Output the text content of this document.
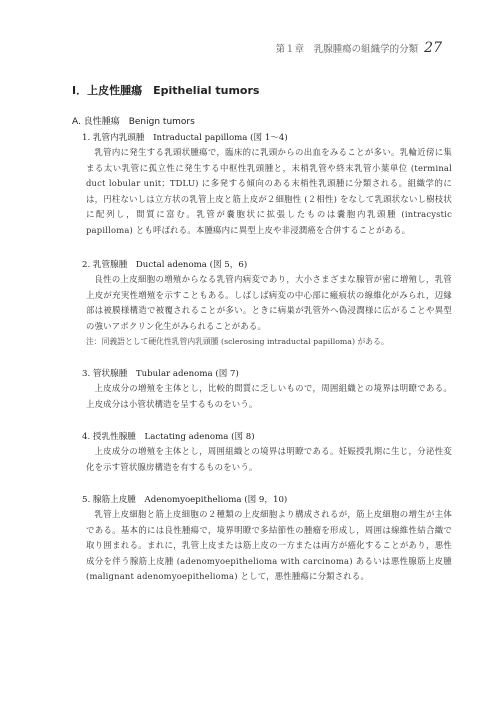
第１章　乳腺腫瘍の組織学的分類 27
Ⅰ．上皮性腫瘍　Epithelial tumors
A. 良性腫瘍　Benign tumors
1. 乳管内乳頭腫　Intraductal papilloma (図 1〜4)

乳管内に発生する乳頭状腫瘍で，臨床的に乳頭からの出血をみることが多い。乳輪近傍に集まる太い乳管に孤立性に発生する中枢性乳頭腫と，末梢乳管や終末乳管小葉単位 (terminal duct lobular unit；TDLU) に多発する傾向のある末梢性乳頭腫に分類される。組織学的には，円柱ないしは立方状の乳管上皮と筋上皮が２細胞性 (２相性) をなして乳頭状ないし樹枝状に配列し，間質に富む。乳管が嚢胞状に拡張したものは嚢胞内乳頭腫 (intracystic papilloma) とも呼ばれる。本腫瘍内に異型上皮や非浸潤癌を合併することがある。

2. 乳管腺腫　Ductal adenoma (図 5，6)

良性の上皮細胞の増殖からなる乳管内病変であり，大小さまざまな腺管が密に増殖し，乳管上皮が充実性増殖を示すこともある。しばしば病変の中心部に瘢痕状の線維化がみられ，辺縁部は被膜様構造で被覆されることが多い。ときに病巣が乳管外へ偽浸潤様に広がることや異型の強いアポクリン化生がみられることがある。

注：同義語として硬化性乳管内乳頭腫 (sclerosing intraductal papilloma) がある。

3. 管状腺腫　Tubular adenoma (図 7)

上皮成分の増殖を主体とし，比較的間質に乏しいもので，周囲組織との境界は明瞭である。上皮成分は小管状構造を呈するものをいう。

4. 授乳性腺腫　Lactating adenoma (図 8)

上皮成分の増殖を主体とし，周囲組織との境界は明瞭である。妊娠授乳期に生じ，分泌性変化を示す管状腺房構造を有するものをいう。

5. 腺筋上皮腫　Adenomyoepithelioma (図 9，10)

乳管上皮細胞と筋上皮細胞の２種類の上皮細胞より構成されるが，筋上皮細胞の増生が主体である。基本的には良性腫瘍で，境界明瞭で多結節性の腫瘤を形成し，周囲は線維性結合織で取り囲まれる。まれに，乳管上皮または筋上皮の一方または両方が癌化することがあり，悪性成分を伴う腺筋上皮腫 (adenomyoepithelioma with carcinoma) あるいは悪性腺筋上皮腫 (malignant adenomyoepithelioma) として，悪性腫瘍に分類される。
